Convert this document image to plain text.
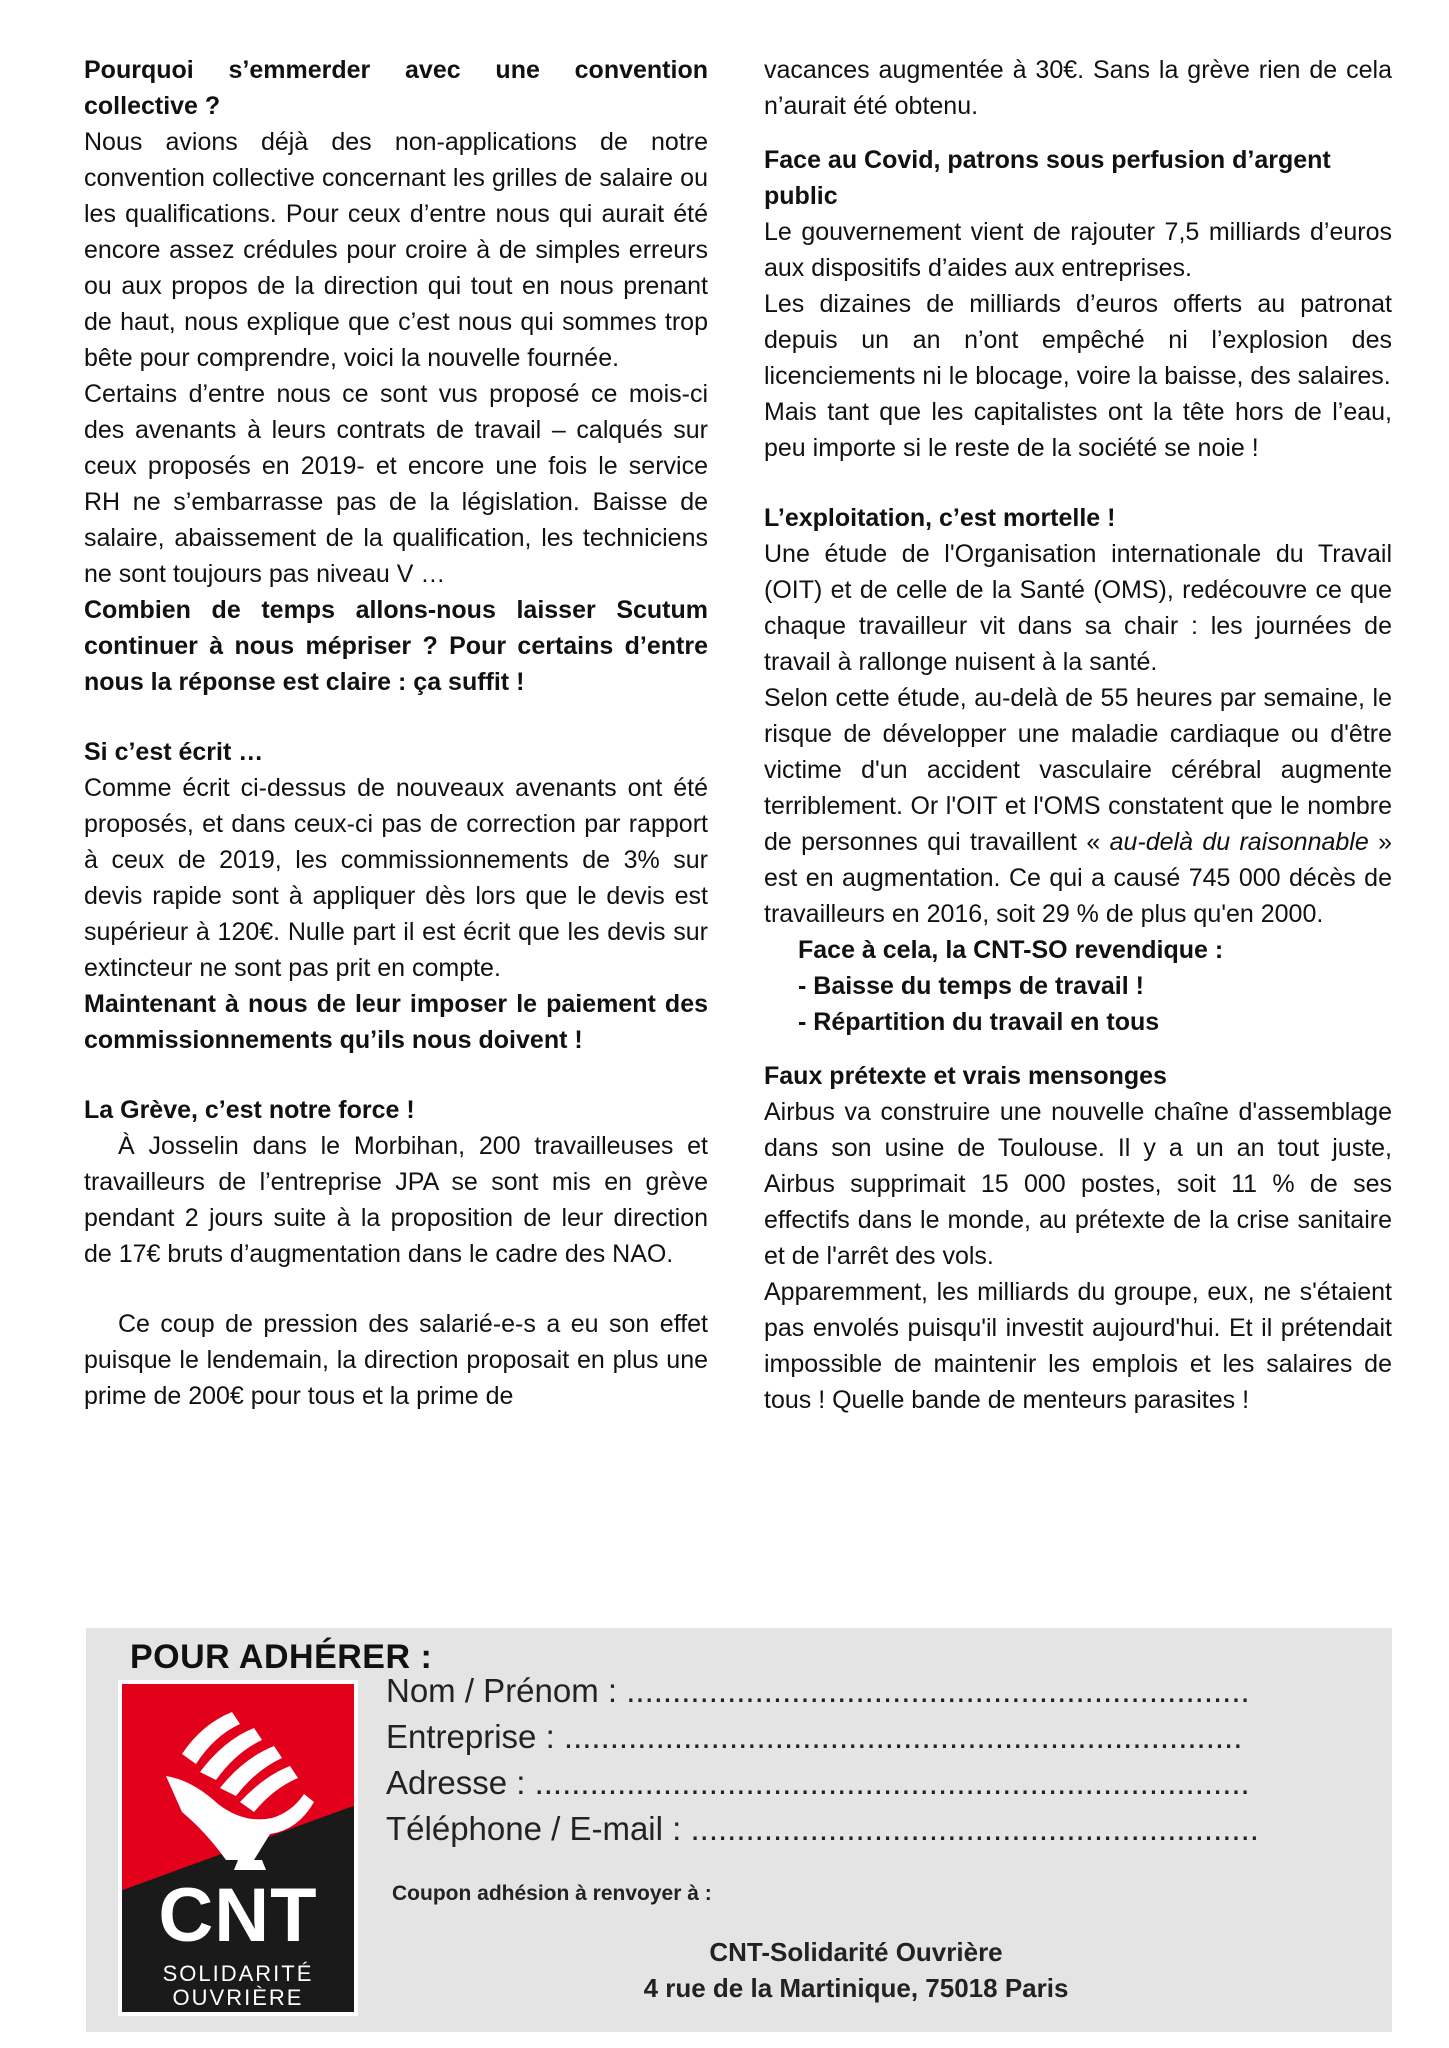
Pourquoi s’emmerder avec une convention collective ?

Nous avions déjà des non-applications de notre convention collective concernant les grilles de salaire ou les qualifications. Pour ceux d’entre nous qui aurait été encore assez crédules pour croire à de simples erreurs ou aux propos de la direction qui tout en nous prenant de haut, nous explique que c’est nous qui sommes trop bête pour comprendre, voici la nouvelle fournée.

Certains d’entre nous ce sont vus proposé ce mois-ci des avenants à leurs contrats de travail – calqués sur ceux proposés en 2019- et encore une fois le service RH ne s’embarrasse pas de la législation. Baisse de salaire, abaissement de la qualification, les techniciens ne sont toujours pas niveau V …

Combien de temps allons-nous laisser Scutum continuer à nous mépriser ? Pour certains d’entre nous la réponse est claire : ça suffit !

Si c’est écrit …

Comme écrit ci-dessus de nouveaux avenants ont été proposés, et dans ceux-ci pas de correction par rapport à ceux de 2019, les commissionnements de 3% sur devis rapide sont à appliquer dès lors que le devis est supérieur à 120€. Nulle part il est écrit que les devis sur extincteur ne sont pas prit en compte.

Maintenant à nous de leur imposer le paiement des commissionnements qu’ils nous doivent !

La Grève, c’est notre force !

À Josselin dans le Morbihan, 200 travailleuses et travailleurs de l’entreprise JPA se sont mis en grève pendant 2 jours suite à la proposition de leur direction de 17€ bruts d’augmentation dans le cadre des NAO.

Ce coup de pression des salarié-e-s a eu son effet puisque le lendemain, la direction proposait en plus une prime de 200€ pour tous et la prime de

vacances augmentée à 30€. Sans la grève rien de cela n’aurait été obtenu.

Face au Covid, patrons sous perfusion d’argent public

Le gouvernement vient de rajouter 7,5 milliards d’euros aux dispositifs d’aides aux entreprises.

Les dizaines de milliards d’euros offerts au patronat depuis un an n’ont empêché ni l’explosion des licenciements ni le blocage, voire la baisse, des salaires.

Mais tant que les capitalistes ont la tête hors de l’eau, peu importe si le reste de la société se noie !

L’exploitation, c’est mortelle !

Une étude de l'Organisation internationale du Travail (OIT) et de celle de la Santé (OMS), redécouvre ce que chaque travailleur vit dans sa chair : les journées de travail à rallonge nuisent à la santé.

Selon cette étude, au-delà de 55 heures par semaine, le risque de développer une maladie cardiaque ou d'être victime d'un accident vasculaire cérébral augmente terriblement. Or l'OIT et l'OMS constatent que le nombre de personnes qui travaillent « au-delà du raisonnable » est en augmentation. Ce qui a causé 745 000 décès de travailleurs en 2016, soit 29 % de plus qu'en 2000.

Face à cela, la CNT-SO revendique :

- Baisse du temps de travail !

- Répartition du travail en tous

Faux prétexte et vrais mensonges

Airbus va construire une nouvelle chaîne d'assemblage dans son usine de Toulouse. Il y a un an tout juste, Airbus supprimait 15 000 postes, soit 11 % de ses effectifs dans le monde, au prétexte de la crise sanitaire et de l'arrêt des vols.

Apparemment, les milliards du groupe, eux, ne s'étaient pas envolés puisqu'il investit aujourd'hui. Et il prétendait impossible de maintenir les emplois et les salaires de tous ! Quelle bande de menteurs parasites !

POUR ADHÉRER :
CNT
SOLIDARITÉ
OUVRIÈRE
Nom / Prénom : ....................................................................
Entreprise : ..........................................................................
Adresse : ..............................................................................
Téléphone / E-mail : ..............................................................
Coupon adhésion à renvoyer à :
CNT-Solidarité Ouvrière
4 rue de la Martinique, 75018 Paris
